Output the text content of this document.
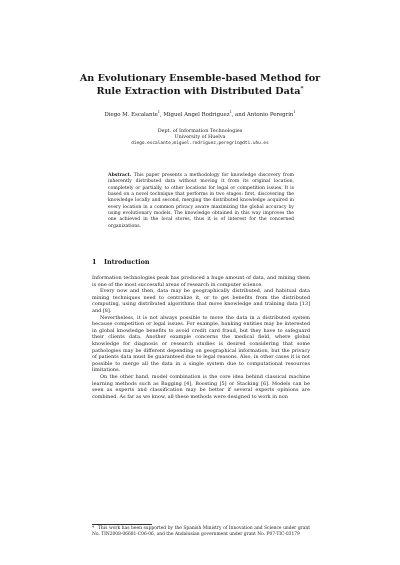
An Evolutionary Ensemble-based Method for
Rule Extraction with Distributed Data*
Diego M. Escalante$^1$, Miguel Angel Rodriguez$^1$, and Antonio Peregrin$^1$
Dept. of Information Technologies
University of Huelva
diego.escalante,miguel.rodriguez,peregrin@dti.uhu.es
Abstract. This paper presents a methodology for knowledge discovery from inherently distributed data without moving it from its original location, completely or partially, to other locations for legal or competition issues. It is based on a novel technique that performs in two stages: first, discovering the knowledge locally and second, merging the distributed knowledge acquired in every location in a common privacy aware maximizing the global accuracy by using evolutionary models. The knowledge obtained in this way improves the one achieved in the local stores, thus it is of interest for the concerned organizations.
1 Introduction

Information technologies peak has produced a huge amount of data, and mining them is one of the most successful areas of research in computer science.

Every now and then, data may be geographically distributed, and habitual data mining techniques need to centralize it, or to get benefits from the distributed computing, using distributed algorithms that move knowledge and training data [13] and [8].

Nevertheless, it is not always possible to move the data in a distributed system because competition or legal issues. For example, banking entities may be interested in global knowledge benefits to avoid credit card fraud, but they have to safeguard their clients data. Another example concerns the medical field, where global knowledge for diagnosis or research studies is desired considering that some pathologies may be different depending on geographical information, but the privacy of patients data must be guaranteed due to legal reasons. Also, in other cases it is not possible to merge all the data in a single system due to computational resources limitations.

On the other hand, model combination is the core idea behind classical machine learning methods such as Bagging [4], Boosting [5] or Stacking [6]. Models can be seen as experts and classification may be better if several experts opinions are combined. As far as we know, all these methods were designed to work in non

* This work has been supported by the Spanish Ministry of Innovation and Science under grant No. TIN2008-06681-C06-06, and the Andalusian government under grant No. P07-TIC-03179
